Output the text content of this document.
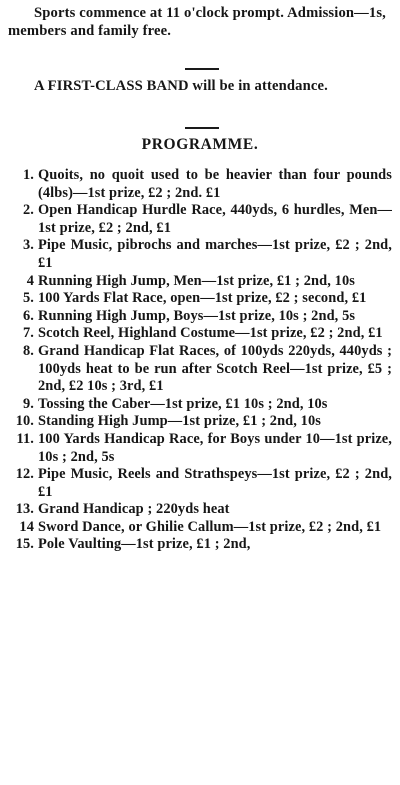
Sports commence at 11 o'clock prompt. Admission—1s, members and family free.

A FIRST-CLASS BAND will be in attendance.

PROGRAMME.
1. Quoits, no quoit used to be heavier than four pounds (4lbs)—1st prize, £2 ; 2nd. £1
2. Open Handicap Hurdle Race, 440yds, 6 hurdles, Men—1st prize, £2 ; 2nd, £1
3. Pipe Music, pibrochs and marches—1st prize, £2 ; 2nd, £1
4 Running High Jump, Men—1st prize, £1 ; 2nd, 10s
5. 100 Yards Flat Race, open—1st prize, £2 ; second, £1
6. Running High Jump, Boys—1st prize, 10s ; 2nd, 5s
7. Scotch Reel, Highland Costume—1st prize, £2 ; 2nd, £1
8. Grand Handicap Flat Races, of 100yds 220yds, 440yds ; 100yds heat to be run after Scotch Reel—1st prize, £5 ; 2nd, £2 10s ; 3rd, £1
9. Tossing the Caber—1st prize, £1 10s ; 2nd, 10s
10. Standing High Jump—1st prize, £1 ; 2nd, 10s
11. 100 Yards Handicap Race, for Boys under 10—1st prize, 10s ; 2nd, 5s
12. Pipe Music, Reels and Strathspeys—1st prize, £2 ; 2nd, £1
13. Grand Handicap ; 220yds heat
14 Sword Dance, or Ghilie Callum—1st prize, £2 ; 2nd, £1
15. Pole Vaulting—1st prize, £1 ; 2nd,
